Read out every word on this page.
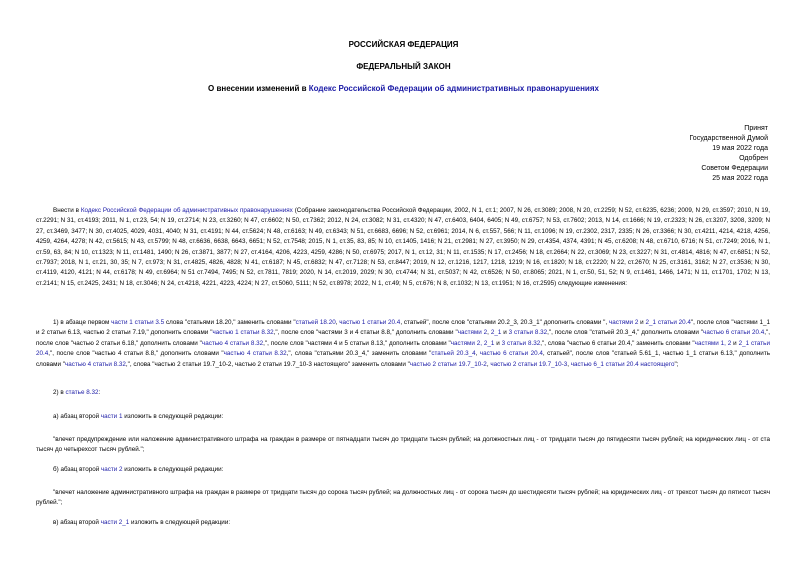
РОССИЙСКАЯ ФЕДЕРАЦИЯ
ФЕДЕРАЛЬНЫЙ ЗАКОН
О внесении изменений в Кодекс Российской Федерации об административных правонарушениях
Принят
Государственной Думой
19 мая 2022 года
Одобрен
Советом Федерации
25 мая 2022 года
Внести в Кодекс Российской Федерации об административных правонарушениях (Собрание законодательства Российской Федерации, 2002, N 1, ст.1; 2007, N 26, ст.3089; 2008, N 20, ст.2259; N 52, ст.6235, 6236; 2009, N 29, ст.3597; 2010, N 19, ст.2291; N 31, ст.4193; 2011, N 1, ст.23, 54; N 19, ст.2714; N 23, ст.3260; N 47, ст.6602; N 50, ст.7362; 2012, N 24, ст.3082; N 31, ст.4320; N 47, ст.6403, 6404, 6405; N 49, ст.6757; N 53, ст.7602; 2013, N 14, ст.1666; N 19, ст.2323; N 26, ст.3207, 3208, 3209; N 27, ст.3469, 3477; N 30, ст.4025, 4029, 4031, 4040; N 31, ст.4191; N 44, ст.5624; N 48, ст.6163; N 49, ст.6343; N 51, ст.6683, 6696; N 52, ст.6961; 2014, N 6, ст.557, 566; N 11, ст.1096; N 19, ст.2302, 2317, 2335; N 26, ст.3366; N 30, ст.4211, 4214, 4218, 4256, 4259, 4264, 4278; N 42, ст.5615; N 43, ст.5799; N 48, ст.6636, 6638, 6643, 6651; N 52, ст.7548; 2015, N 1, ст.35, 83, 85; N 10, ст.1405, 1416; N 21, ст.2981; N 27, ст.3950; N 29, ст.4354, 4374, 4391; N 45, ст.6208; N 48, ст.6710, 6716; N 51, ст.7249; 2016, N 1, ст.59, 63, 84; N 10, ст.1323; N 11, ст.1481, 1490; N 26, ст.3871, 3877; N 27, ст.4164, 4206, 4223, 4259, 4286; N 50, ст.6975; 2017, N 1, ст.12, 31; N 11, ст.1535; N 17, ст.2456; N 18, ст.2664; N 22, ст.3069; N 23, ст.3227; N 31, ст.4814, 4816; N 47, ст.6851; N 52, ст.7937; 2018, N 1, ст.21, 30, 35; N 7, ст.973; N 31, ст.4825, 4826, 4828; N 41, ст.6187; N 45, ст.6832; N 47, ст.7128; N 53, ст.8447; 2019, N 12, ст.1216, 1217, 1218, 1219; N 16, ст.1820; N 18, ст.2220; N 22, ст.2670; N 25, ст.3161, 3162; N 27, ст.3536; N 30, ст.4119, 4120, 4121; N 44, ст.6178; N 49, ст.6964; N 51 ст.7494, 7495; N 52, ст.7811, 7819; 2020, N 14, ст.2019, 2029; N 30, ст.4744; N 31, ст.5037; N 42, ст.6526; N 50, ст.8065; 2021, N 1, ст.50, 51, 52; N 9, ст.1461, 1466, 1471; N 11, ст.1701, 1702; N 13, ст.2141; N 15, ст.2425, 2431; N 18, ст.3046; N 24, ст.4218, 4221, 4223, 4224; N 27, ст.5060, 5111; N 52, ст.8978; 2022, N 1, ст.49; N 5, ст.676; N 8, ст.1032; N 13, ст.1951; N 16, ст.2595) следующие изменения:
1) в абзаце первом части 1 статьи 3.5 слова "статьями 18.20," заменить словами "статьей 18.20, частью 1 статьи 20.4, статьей", после слов "статьями 20.2_3, 20.3_1" дополнить словами ", частями 2 и 2_1 статьи 20.4", после слов "частями 1_1 и 2 статьи 6.13, частью 2 статьи 7.19," дополнить словами "частью 1 статьи 8.32,", после слов "частями 3 и 4 статьи 8.8," дополнить словами "частями 2, 2_1 и 3 статьи 8.32,", после слов "статьей 20.3_4," дополнить словами "частью 6 статьи 20.4,", после слов "частью 2 статьи 6.18," дополнить словами "частью 4 статьи 8.32,", после слов "частями 4 и 5 статьи 8.13," дополнить словами "частями 2, 2_1 и 3 статьи 8.32,", слова "частью 6 статьи 20.4," заменить словами "частями 1, 2 и 2_1 статьи 20.4,", после слов "частью 4 статьи 8.8," дополнить словами "частью 4 статьи 8.32,", слова "статьями 20.3_4," заменить словами "статьей 20.3_4, частью 6 статьи 20.4, статьей", после слов "статьей 5.61_1, частью 1_1 статьи 6.13," дополнить словами "частью 4 статьи 8.32,", слова "частью 2 статьи 19.7_10-2, частью 2 статьи 19.7_10-3 настоящего" заменить словами "частью 2 статьи 19.7_10-2, частью 2 статьи 19.7_10-3, частью 6_1 статьи 20.4 настоящего";
2) в статье 8.32:
а) абзац второй части 1 изложить в следующей редакции:
"влечет предупреждение или наложение административного штрафа на граждан в размере от пятнадцати тысяч до тридцати тысяч рублей; на должностных лиц - от тридцати тысяч до пятидесяти тысяч рублей; на юридических лиц - от ста тысяч до четырехсот тысяч рублей.";
б) абзац второй части 2 изложить в следующей редакции:
"влечет наложение административного штрафа на граждан в размере от тридцати тысяч до сорока тысяч рублей; на должностных лиц - от сорока тысяч до шестидесяти тысяч рублей; на юридических лиц - от трехсот тысяч до пятисот тысяч рублей.";
в) абзац второй части 2_1 изложить в следующей редакции:
